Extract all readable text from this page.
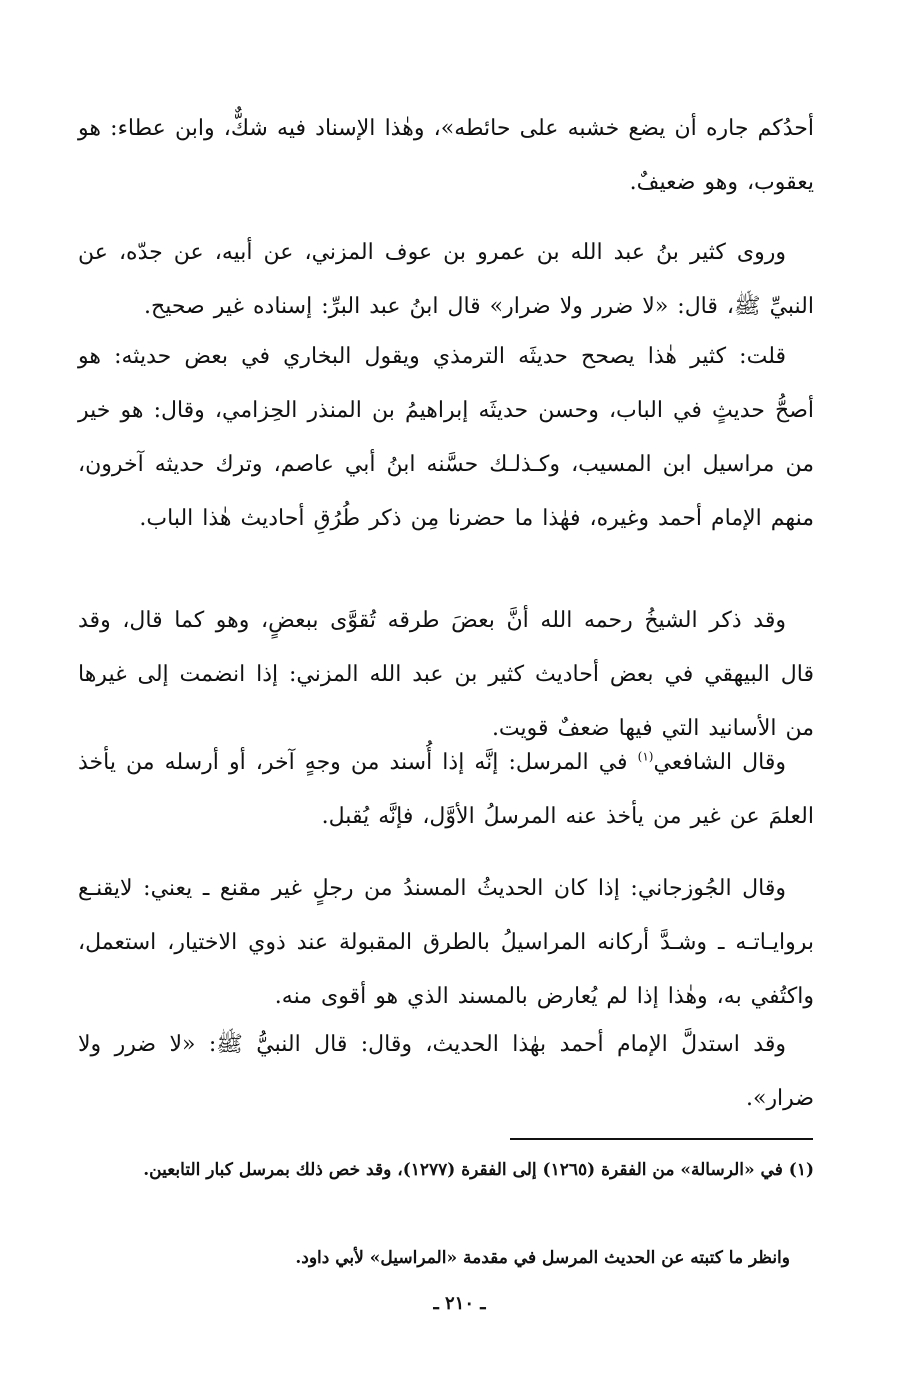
أحدُكم جاره أن يضع خشبه على حائطه»، وهٰذا الإسناد فيه شكٌّ، وابن عطاء: هو يعقوب، وهو ضعيفٌ.

وروى كثير بنُ عبد الله بن عمرو بن عوف المزني، عن أبيه، عن جدّه، عن النبيِّ ﷺ، قال: «لا ضرر ولا ضرار» قال ابنُ عبد البرِّ: إسناده غير صحيح.

قلت: كثير هٰذا يصحح حديثَه الترمذي ويقول البخاري في بعض حديثه: هو أصحُّ حديثٍ في الباب، وحسن حديثَه إبراهيمُ بن المنذر الحِزامي، وقال: هو خير من مراسيل ابن المسيب، وكـذلـك حسَّنه ابنُ أبي عاصم، وترك حديثه آخرون، منهم الإمام أحمد وغيره، فهٰذا ما حضرنا مِن ذكر طُرُقِ أحاديث هٰذا الباب.

وقد ذكر الشيخُ رحمه الله أنَّ بعضَ طرقه تُقوَّى ببعضٍ، وهو كما قال، وقد قال البيهقي في بعض أحاديث كثير بن عبد الله المزني: إذا انضمت إلى غيرها من الأسانيد التي فيها ضعفٌ قويت.

وقال الشافعي$^{(١)}$ في المرسل: إنَّه إذا أُسند من وجهٍ آخر، أو أرسله من يأخذ العلمَ عن غير من يأخذ عنه المرسلُ الأوَّل، فإنَّه يُقبل.

وقال الجُوزجاني: إذا كان الحديثُ المسندُ من رجلٍ غير مقنع ـ يعني: لايقنـع بروايـاتـه ـ وشـدَّ أركانه المراسيلُ بالطرق المقبولة عند ذوي الاختيار، استعمل، واكتُفي به، وهٰذا إذا لم يُعارض بالمسند الذي هو أقوى منه.

وقد استدلَّ الإمام أحمد بهٰذا الحديث، وقال: قال النبيُّ ﷺ: «لا ضرر ولا ضرار».

(١) في «الرسالة» من الفقرة (١٢٦٥) إلى الفقرة (١٢٧٧)، وقد خص ذلك بمرسل كبار التابعين.
وانظر ما كتبته عن الحديث المرسل في مقدمة «المراسيل» لأبي داود.
ـ ٢١٠ ـ
